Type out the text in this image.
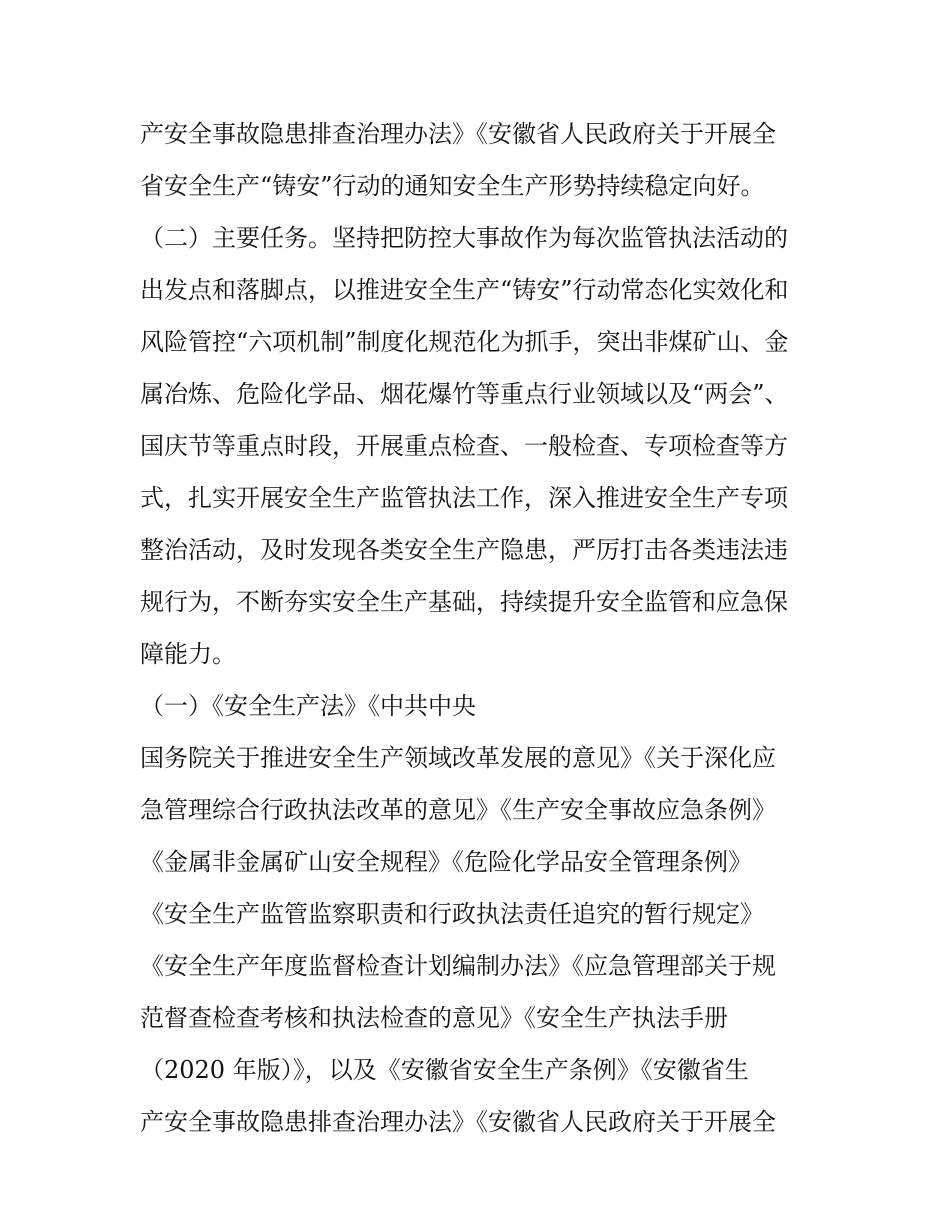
产安全事故隐患排查治理办法》《安徽省人民政府关于开展全
省安全生产“铸安”行动的通知安全生产形势持续稳定向好。
（二）主要任务。坚持把防控大事故作为每次监管执法活动的
出发点和落脚点，以推进安全生产“铸安”行动常态化实效化和
风险管控“六项机制”制度化规范化为抓手，突出非煤矿山、金
属冶炼、危险化学品、烟花爆竹等重点行业领域以及“两会”、
国庆节等重点时段，开展重点检查、一般检查、专项检查等方
式，扎实开展安全生产监管执法工作，深入推进安全生产专项
整治活动，及时发现各类安全生产隐患，严厉打击各类违法违
规行为，不断夯实安全生产基础，持续提升安全监管和应急保
障能力。
（一）《安全生产法》《中共中央
国务院关于推进安全生产领域改革发展的意见》《关于深化应
急管理综合行政执法改革的意见》《生产安全事故应急条例》
《金属非金属矿山安全规程》《危险化学品安全管理条例》
《安全生产监管监察职责和行政执法责任追究的暂行规定》
《安全生产年度监督检查计划编制办法》《应急管理部关于规
范督查检查考核和执法检查的意见》《安全生产执法手册
（2020 年版）》，以及《安徽省安全生产条例》《安徽省生
产安全事故隐患排查治理办法》《安徽省人民政府关于开展全
